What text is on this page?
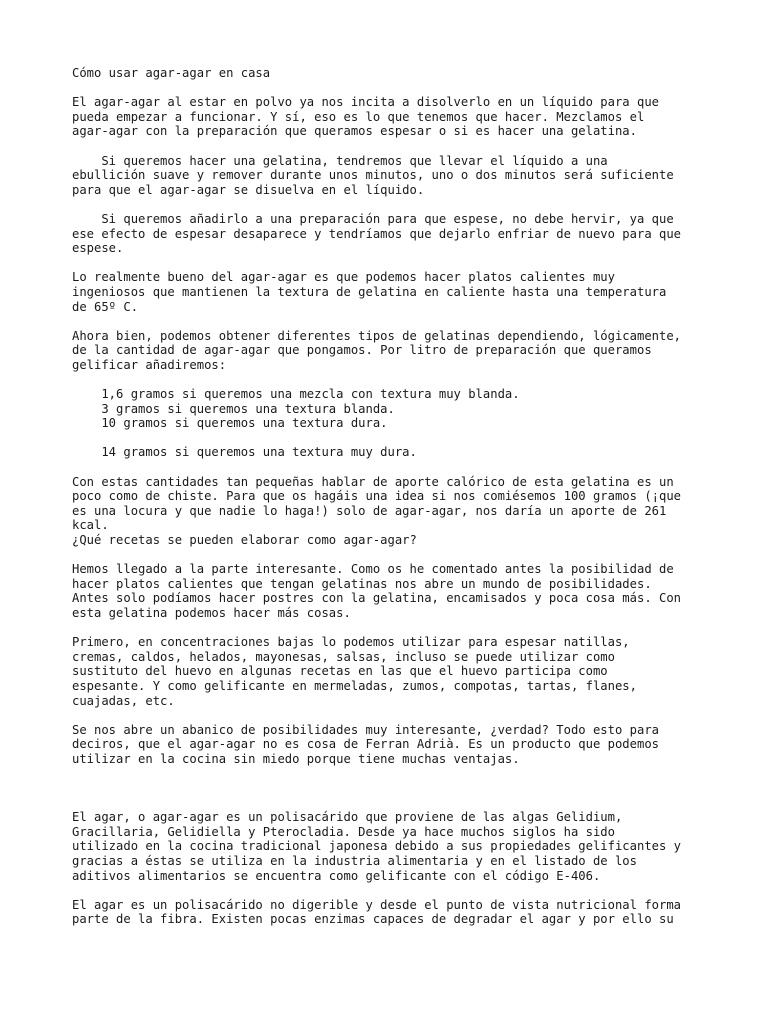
Cómo usar agar-agar en casa
El agar-agar al estar en polvo ya nos incita a disolverlo en un líquido para que
pueda empezar a funcionar. Y sí, eso es lo que tenemos que hacer. Mezclamos el
agar-agar con la preparación que queramos espesar o si es hacer una gelatina.
Si queremos hacer una gelatina, tendremos que llevar el líquido a una
ebullición suave y remover durante unos minutos, uno o dos minutos será suficiente
para que el agar-agar se disuelva en el líquido.
Si queremos añadirlo a una preparación para que espese, no debe hervir, ya que
ese efecto de espesar desaparece y tendríamos que dejarlo enfriar de nuevo para que
espese.
Lo realmente bueno del agar-agar es que podemos hacer platos calientes muy
ingeniosos que mantienen la textura de gelatina en caliente hasta una temperatura
de 65º C.
Ahora bien, podemos obtener diferentes tipos de gelatinas dependiendo, lógicamente,
de la cantidad de agar-agar que pongamos. Por litro de preparación que queramos
gelificar añadiremos:
1,6 gramos si queremos una mezcla con textura muy blanda.
3 gramos si queremos una textura blanda.
10 gramos si queremos una textura dura.
14 gramos si queremos una textura muy dura.
Con estas cantidades tan pequeñas hablar de aporte calórico de esta gelatina es un
poco como de chiste. Para que os hagáis una idea si nos comiésemos 100 gramos (¡que
es una locura y que nadie lo haga!) solo de agar-agar, nos daría un aporte de 261
kcal.
¿Qué recetas se pueden elaborar como agar-agar?
Hemos llegado a la parte interesante. Como os he comentado antes la posibilidad de
hacer platos calientes que tengan gelatinas nos abre un mundo de posibilidades.
Antes solo podíamos hacer postres con la gelatina, encamisados y poca cosa más. Con
esta gelatina podemos hacer más cosas.
Primero, en concentraciones bajas lo podemos utilizar para espesar natillas,
cremas, caldos, helados, mayonesas, salsas, incluso se puede utilizar como
sustituto del huevo en algunas recetas en las que el huevo participa como
espesante. Y como gelificante en mermeladas, zumos, compotas, tartas, flanes,
cuajadas, etc.
Se nos abre un abanico de posibilidades muy interesante, ¿verdad? Todo esto para
deciros, que el agar-agar no es cosa de Ferran Adrià. Es un producto que podemos
utilizar en la cocina sin miedo porque tiene muchas ventajas.
El agar, o agar-agar es un polisacárido que proviene de las algas Gelidium,
Gracillaria, Gelidiella y Pterocladia. Desde ya hace muchos siglos ha sido
utilizado en la cocina tradicional japonesa debido a sus propiedades gelificantes y
gracias a éstas se utiliza en la industria alimentaria y en el listado de los
aditivos alimentarios se encuentra como gelificante con el código E-406.
El agar es un polisacárido no digerible y desde el punto de vista nutricional forma
parte de la fibra. Existen pocas enzimas capaces de degradar el agar y por ello su
